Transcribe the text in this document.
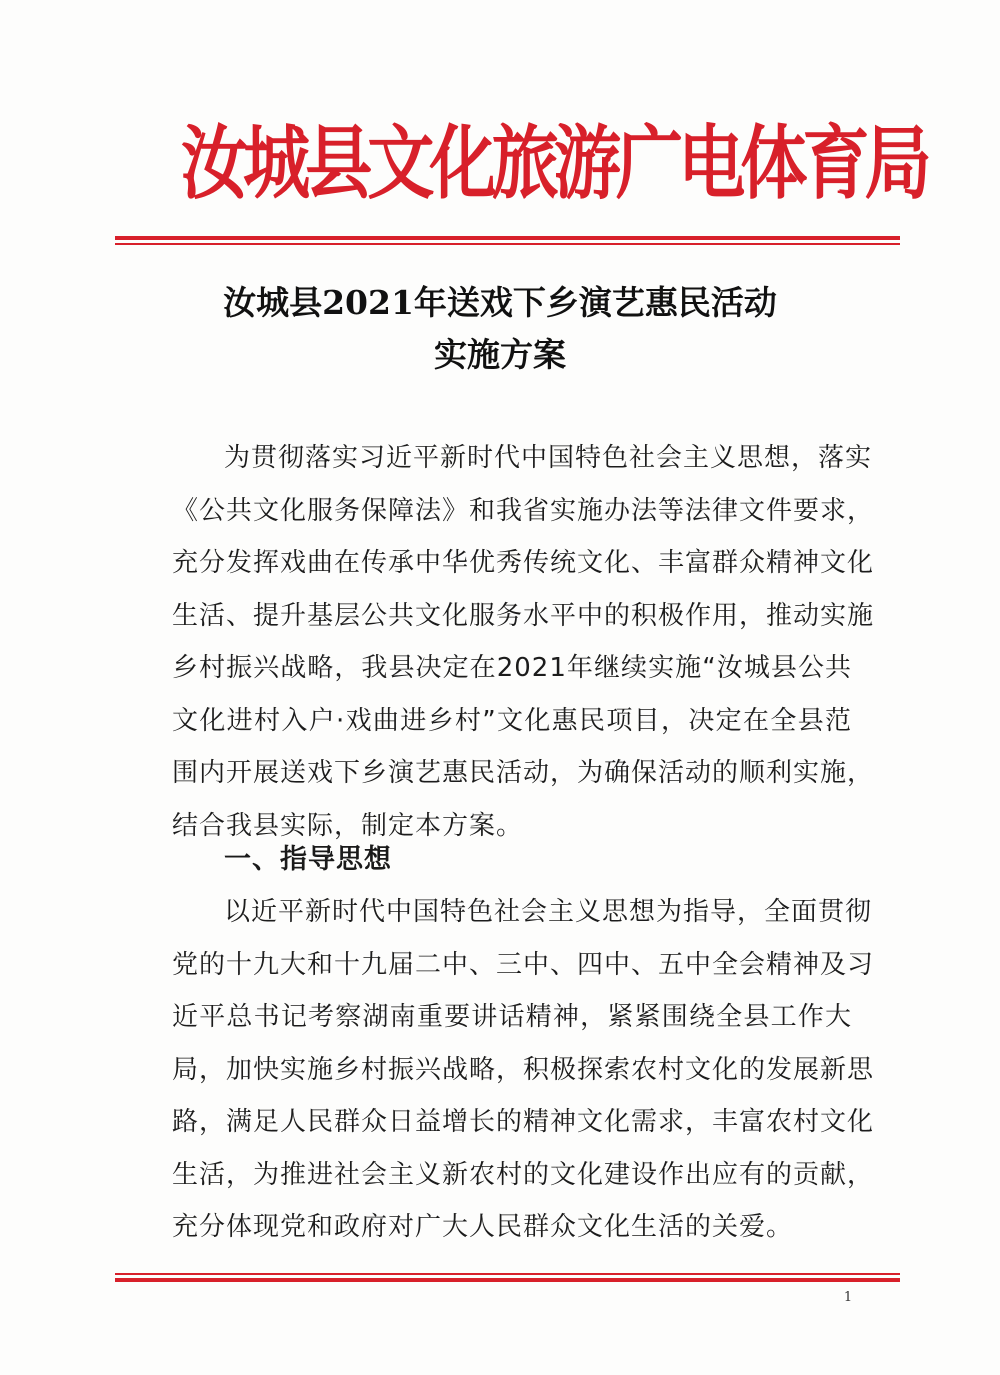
汝城县文化旅游广电体育局
汝城县2021年送戏下乡演艺惠民活动
实施方案
为贯彻落实习近平新时代中国特色社会主义思想，落实
《公共文化服务保障法》和我省实施办法等法律文件要求，
充分发挥戏曲在传承中华优秀传统文化、丰富群众精神文化
生活、提升基层公共文化服务水平中的积极作用，推动实施
乡村振兴战略，我县决定在2021年继续实施“汝城县公共
文化进村入户·戏曲进乡村”文化惠民项目，决定在全县范
围内开展送戏下乡演艺惠民活动，为确保活动的顺利实施，
结合我县实际，制定本方案。
一、指导思想
以近平新时代中国特色社会主义思想为指导，全面贯彻
党的十九大和十九届二中、三中、四中、五中全会精神及习
近平总书记考察湖南重要讲话精神，紧紧围绕全县工作大
局，加快实施乡村振兴战略，积极探索农村文化的发展新思
路，满足人民群众日益增长的精神文化需求，丰富农村文化
生活，为推进社会主义新农村的文化建设作出应有的贡献，
充分体现党和政府对广大人民群众文化生活的关爱。
1
